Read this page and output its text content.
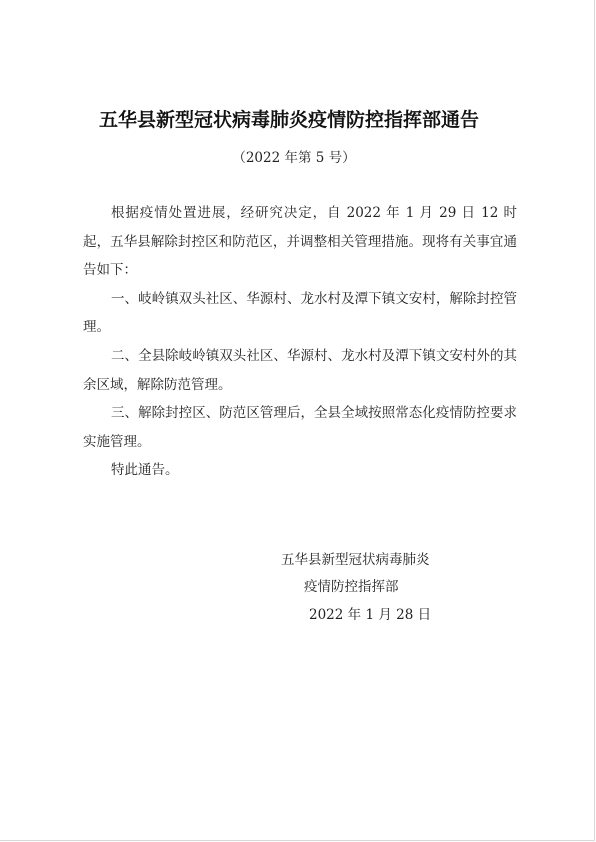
五华县新型冠状病毒肺炎疫情防控指挥部通告
（2022 年第 5 号）

根据疫情处置进展，经研究决定，自 2022 年 1 月 29 日 12 时起，五华县解除封控区和防范区，并调整相关管理措施。现将有关事宜通告如下：

一、岐岭镇双头社区、华源村、龙水村及潭下镇文安村，解除封控管理。

二、全县除岐岭镇双头社区、华源村、龙水村及潭下镇文安村外的其余区域，解除防范管理。

三、解除封控区、防范区管理后，全县全域按照常态化疫情防控要求实施管理。

特此通告。

五华县新型冠状病毒肺炎
疫情防控指挥部
2022 年 1 月 28 日
